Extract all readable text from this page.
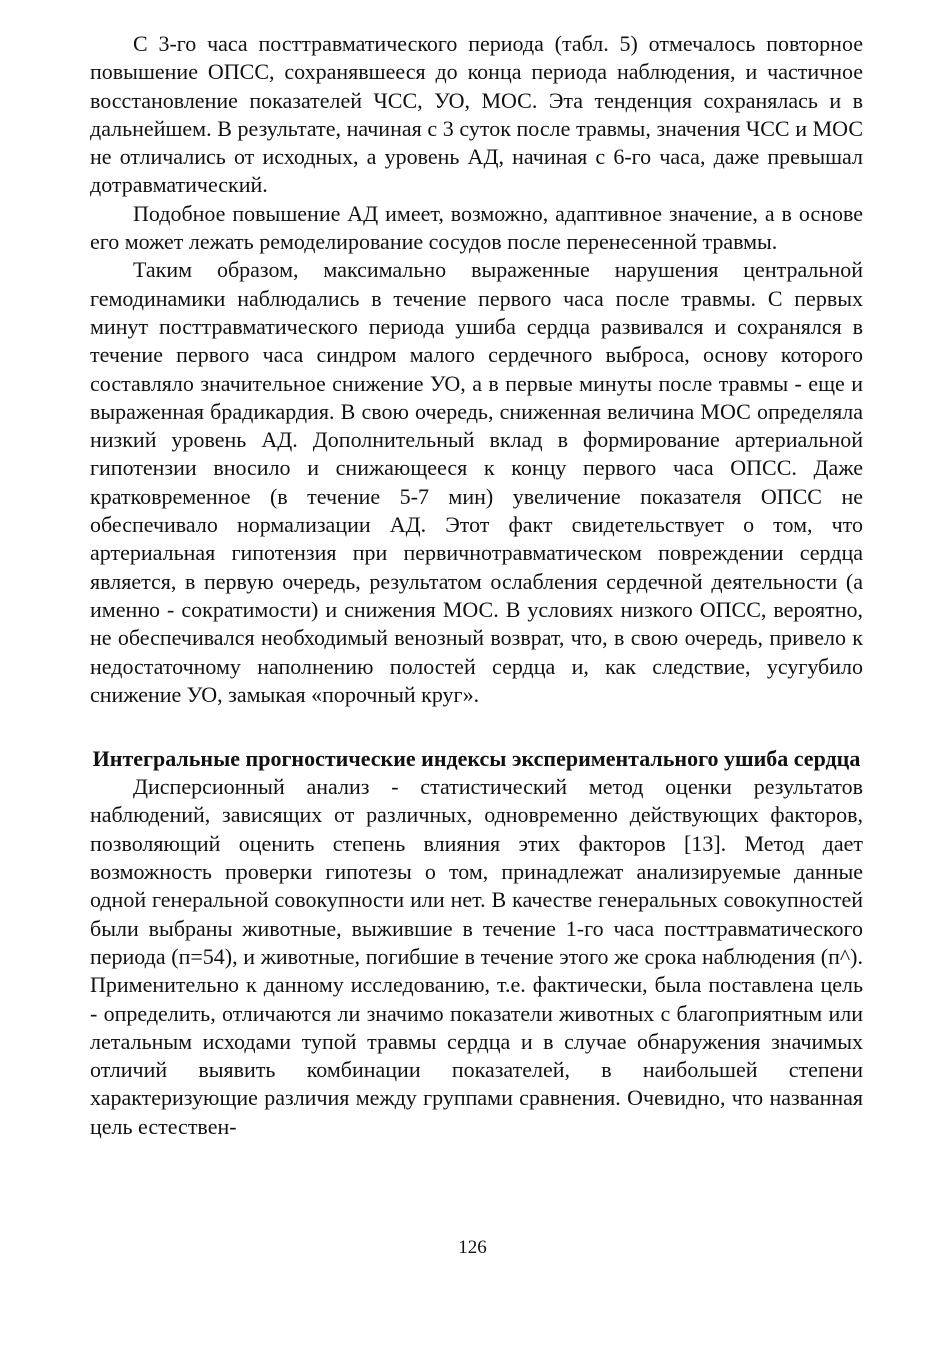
С 3-го часа посттравматического периода (табл. 5) отмечалось повторное повышение ОПСС, сохранявшееся до конца периода наблюдения, и частичное восстановление показателей ЧСС, УО, МОС. Эта тенденция сохранялась и в дальнейшем. В результате, начиная с 3 суток после травмы, значения ЧСС и МОС не отличались от исходных, а уровень АД, начиная с 6-го часа, даже превышал дотравматический.

Подобное повышение АД имеет, возможно, адаптивное значение, а в основе его может лежать ремоделирование сосудов после перенесенной травмы.

Таким образом, максимально выраженные нарушения центральной гемодинамики наблюдались в течение первого часа после травмы. С первых минут посттравматического периода ушиба сердца развивался и сохранялся в течение первого часа синдром малого сердечного выброса, основу которого составляло значительное снижение УО, а в первые минуты после травмы - еще и выраженная брадикардия. В свою очередь, сниженная величина МОС определяла низкий уровень АД. Дополнительный вклад в формирование артериальной гипотензии вносило и снижающееся к концу первого часа ОПСС. Даже кратковременное (в течение 5-7 мин) увеличение показателя ОПСС не обеспечивало нормализации АД. Этот факт свидетельствует о том, что артериальная гипотензия при первичнотравматическом повреждении сердца является, в первую очередь, результатом ослабления сердечной деятельности (а именно - сократимости) и снижения МОС. В условиях низкого ОПСС, вероятно, не обеспечивался необходимый венозный возврат, что, в свою очередь, привело к недостаточному наполнению полостей сердца и, как следствие, усугубило снижение УО, замыкая «порочный круг».

Интегральные прогностические индексы экспериментального ушиба сердца

Дисперсионный анализ - статистический метод оценки результатов наблюдений, зависящих от различных, одновременно действующих факторов, позволяющий оценить степень влияния этих факторов [13]. Метод дает возможность проверки гипотезы о том, принадлежат анализируемые данные одной генеральной совокупности или нет. В качестве генеральных совокупностей были выбраны животные, выжившие в течение 1-го часа посттравматического периода (п=54), и животные, погибшие в течение этого же срока наблюдения (п^). Применительно к данному исследованию, т.е. фактически, была поставлена цель - определить, отличаются ли значимо показатели животных с благоприятным или летальным исходами тупой травмы сердца и в случае обнаружения значимых отличий выявить комбинации показателей, в наибольшей степени характеризующие различия между группами сравнения. Очевидно, что названная цель естествен-

126
